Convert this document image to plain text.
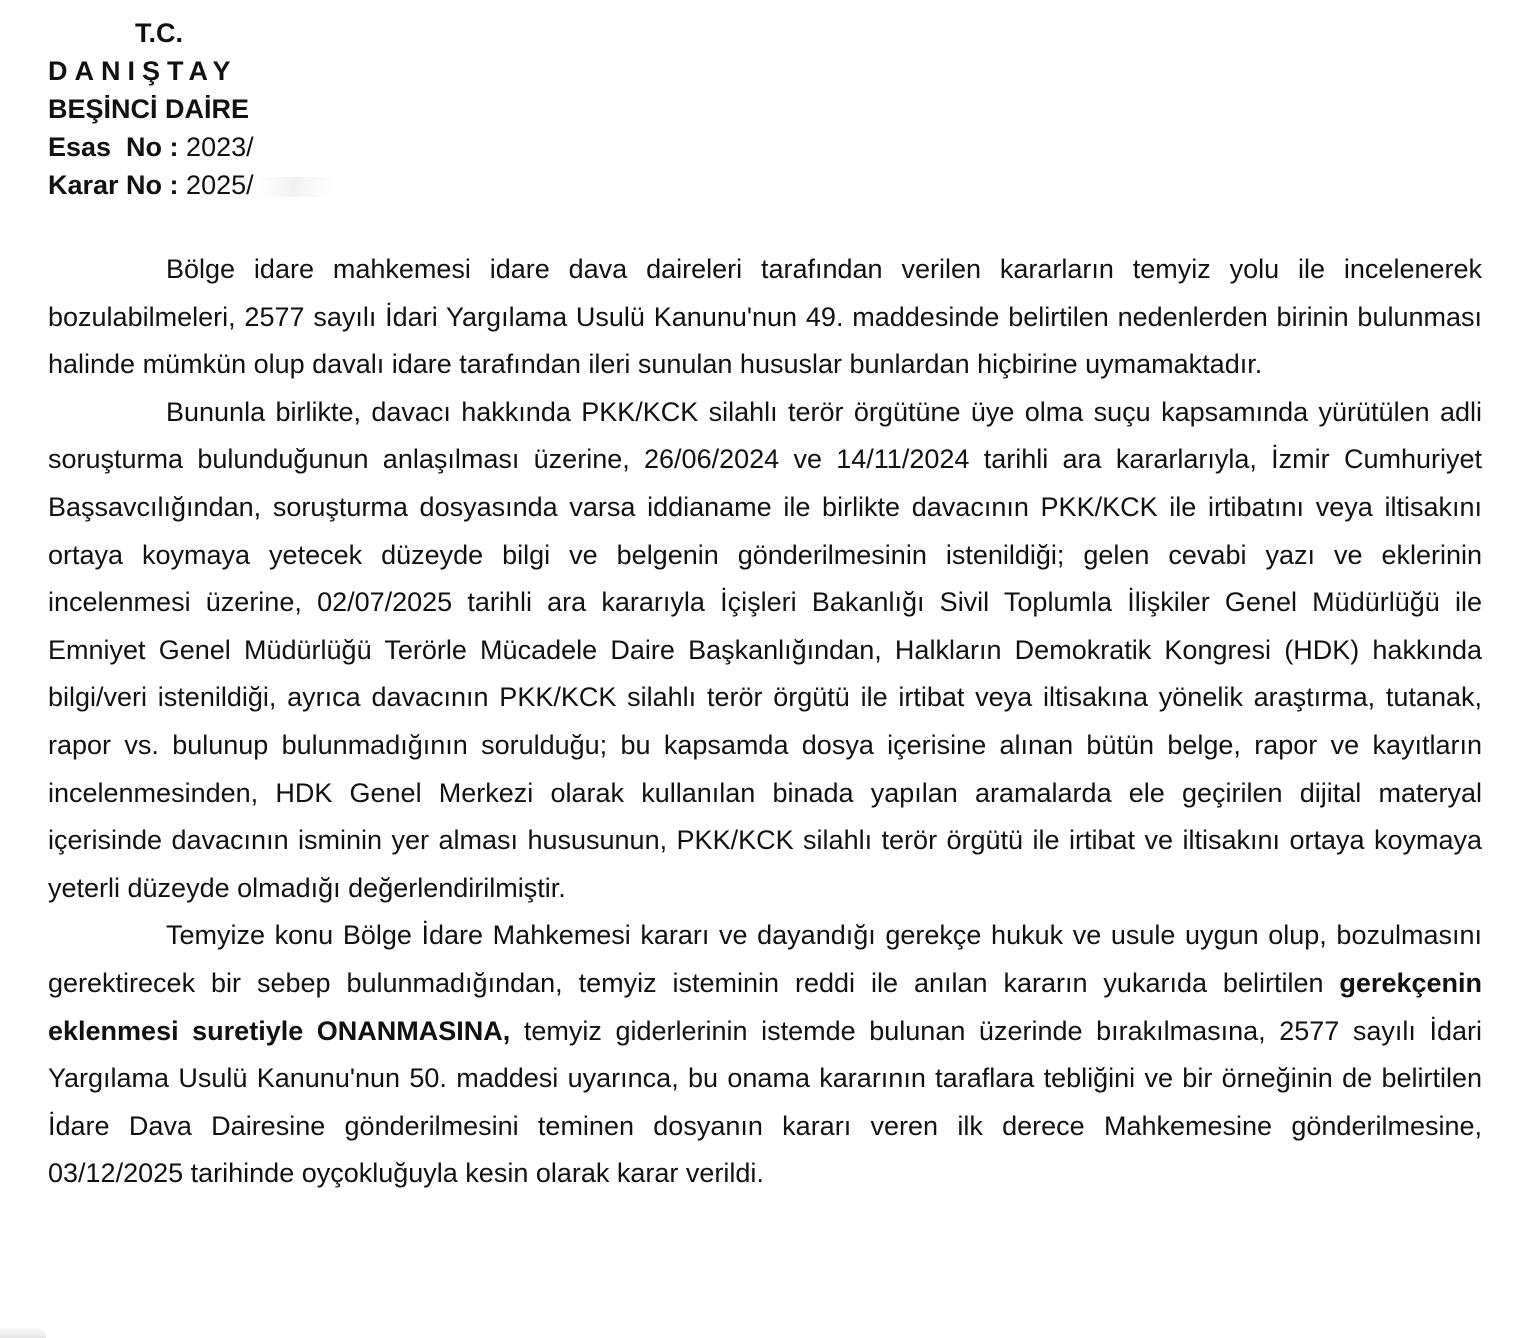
T.C.
DANIŞTAY
BEŞİNCİ DAİRE
Esas  No : 2023/
Karar No : 2025/

Bölge idare mahkemesi idare dava daireleri tarafından verilen kararların temyiz yolu ile incelenerek bozulabilmeleri, 2577 sayılı İdari Yargılama Usulü Kanunu'nun 49. maddesinde belirtilen nedenlerden birinin bulunması halinde mümkün olup davalı idare tarafından ileri sunulan hususlar bunlardan hiçbirine uymamaktadır.

Bununla birlikte, davacı hakkında PKK/KCK silahlı terör örgütüne üye olma suçu kapsamında yürütülen adli soruşturma bulunduğunun anlaşılması üzerine, 26/06/2024 ve 14/11/2024 tarihli ara kararlarıyla, İzmir Cumhuriyet Başsavcılığından, soruşturma dosyasında varsa iddianame ile birlikte davacının PKK/KCK ile irtibatını veya iltisakını ortaya koymaya yetecek düzeyde bilgi ve belgenin gönderilmesinin istenildiği; gelen cevabi yazı ve eklerinin incelenmesi üzerine, 02/07/2025 tarihli ara kararıyla İçişleri Bakanlığı Sivil Toplumla İlişkiler Genel Müdürlüğü ile Emniyet Genel Müdürlüğü Terörle Mücadele Daire Başkanlığından, Halkların Demokratik Kongresi (HDK) hakkında bilgi/veri istenildiği, ayrıca davacının PKK/KCK silahlı terör örgütü ile irtibat veya iltisakına yönelik araştırma, tutanak, rapor vs. bulunup bulunmadığının sorulduğu; bu kapsamda dosya içerisine alınan bütün belge, rapor ve kayıtların incelenmesinden, HDK Genel Merkezi olarak kullanılan binada yapılan aramalarda ele geçirilen dijital materyal içerisinde davacının isminin yer alması hususunun, PKK/KCK silahlı terör örgütü ile irtibat ve iltisakını ortaya koymaya yeterli düzeyde olmadığı değerlendirilmiştir.

Temyize konu Bölge İdare Mahkemesi kararı ve dayandığı gerekçe hukuk ve usule uygun olup, bozulmasını gerektirecek bir sebep bulunmadığından, temyiz isteminin reddi ile anılan kararın yukarıda belirtilen gerekçenin eklenmesi suretiyle ONANMASINA, temyiz giderlerinin istemde bulunan üzerinde bırakılmasına, 2577 sayılı İdari Yargılama Usulü Kanunu'nun 50. maddesi uyarınca, bu onama kararının taraflara tebliğini ve bir örneğinin de belirtilen İdare Dava Dairesine gönderilmesini teminen dosyanın kararı veren ilk derece Mahkemesine gönderilmesine, 03/12/2025 tarihinde oyçokluğuyla kesin olarak karar verildi.
